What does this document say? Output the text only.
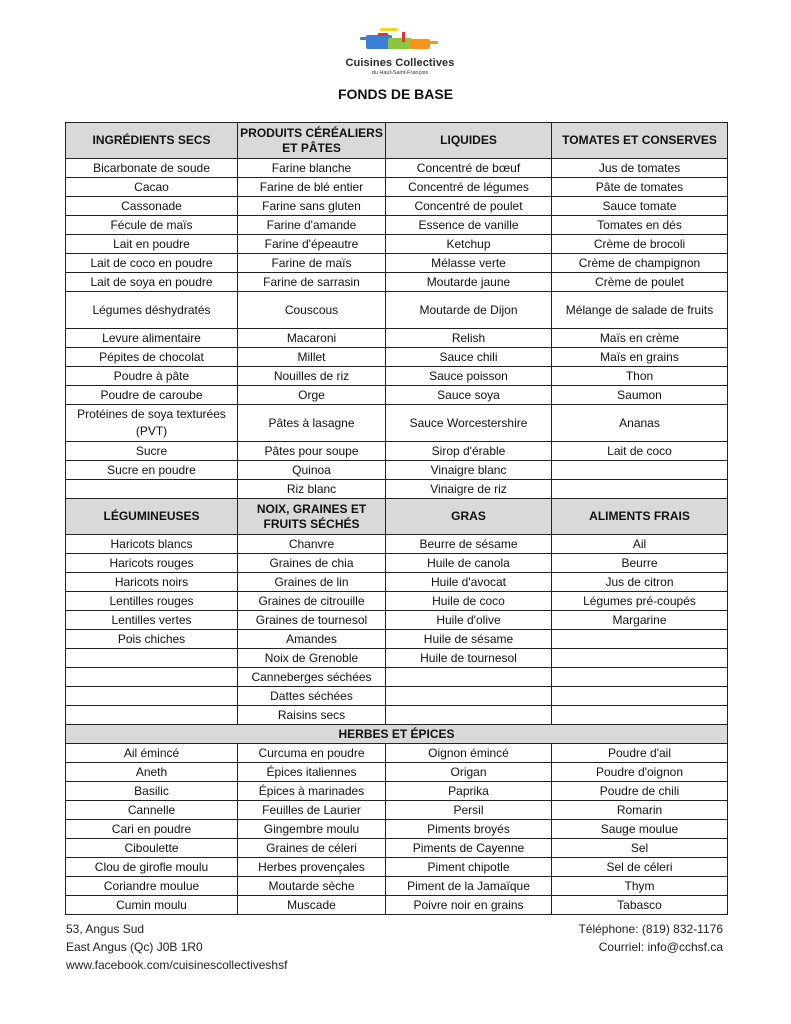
Cuisines Collectives
du Haut-Saint-François
FONDS DE BASE
INGRÉDIENTS SECS	PRODUITS CÉRÉALIERS ET PÂTES	LIQUIDES	TOMATES ET CONSERVES
Bicarbonate de soude	Farine blanche	Concentré de bœuf	Jus de tomates
Cacao	Farine de blé entier	Concentré de légumes	Pâte de tomates
Cassonade	Farine sans gluten	Concentré de poulet	Sauce tomate
Fécule de maïs	Farine d'amande	Essence de vanille	Tomates en dés
Lait en poudre	Farine d'épeautre	Ketchup	Crème de brocoli
Lait de coco en poudre	Farine de maïs	Mélasse verte	Crème de champignon
Lait de soya en poudre	Farine de sarrasin	Moutarde jaune	Crème de poulet
Légumes déshydratés	Couscous	Moutarde de Dijon	Mélange de salade de fruits
Levure alimentaire	Macaroni	Relish	Maïs en crème
Pépites de chocolat	Millet	Sauce chili	Maïs en grains
Poudre à pâte	Nouilles de riz	Sauce poisson	Thon
Poudre de caroube	Orge	Sauce soya	Saumon
Protéines de soya texturées (PVT)	Pâtes à lasagne	Sauce Worcestershire	Ananas
Sucre	Pâtes pour soupe	Sirop d'érable	Lait de coco
Sucre en poudre	Quinoa	Vinaigre blanc	
	Riz blanc	Vinaigre de riz	
LÉGUMINEUSES	NOIX, GRAINES ET FRUITS SÉCHÉS	GRAS	ALIMENTS FRAIS
Haricots blancs	Chanvre	Beurre de sésame	Ail
Haricots rouges	Graines de chia	Huile de canola	Beurre
Haricots noirs	Graines de lin	Huile d'avocat	Jus de citron
Lentilles rouges	Graines de citrouille	Huile de coco	Légumes pré-coupés
Lentilles vertes	Graines de tournesol	Huile d'olive	Margarine
Pois chiches	Amandes	Huile de sésame	
	Noix de Grenoble	Huile de tournesol	
	Canneberges séchées		
	Dattes séchées		
	Raisins secs		
HERBES ET ÉPICES			
Ail émincé	Curcuma en poudre	Oignon émincé	Poudre d'ail
Aneth	Épices italiennes	Origan	Poudre d'oignon
Basilic	Épices à marinades	Paprika	Poudre de chili
Cannelle	Feuilles de Laurier	Persil	Romarin
Cari en poudre	Gingembre moulu	Piments broyés	Sauge moulue
Ciboulette	Graines de céleri	Piments de Cayenne	Sel
Clou de girofle moulu	Herbes provençales	Piment chipotle	Sel de céleri
Coriandre moulue	Moutarde sèche	Piment de la Jamaïque	Thym
Cumin moulu	Muscade	Poivre noir en grains	Tabasco
53, Angus Sud
East Angus (Qc) J0B 1R0
www.facebook.com/cuisinescollectiveshsf
Téléphone: (819) 832-1176
Courriel: info@cchsf.ca
